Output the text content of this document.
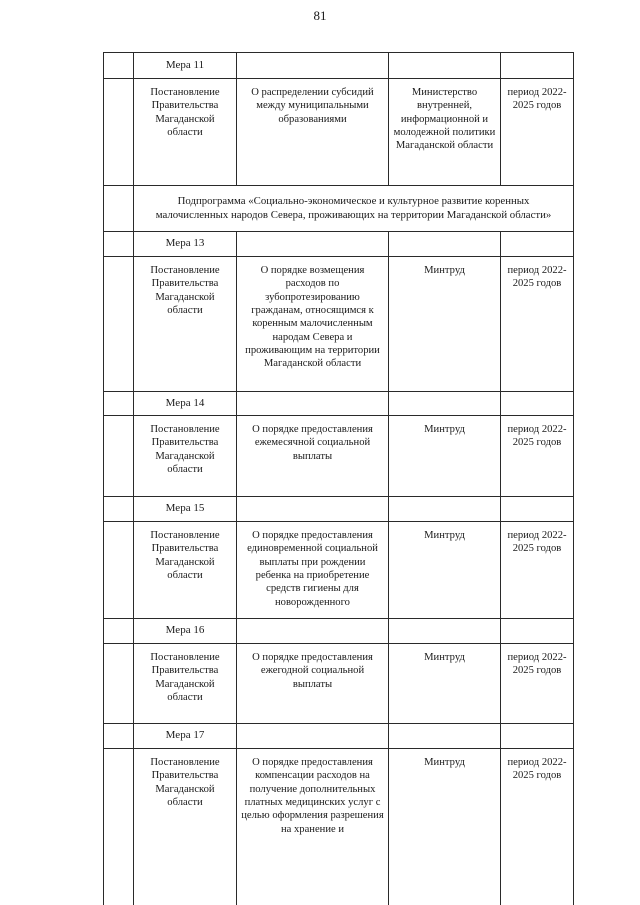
81
	Мера 11			
	Постановление Правительства Магаданской области	О распределении субсидий между муниципальными образованиями	Министерство внутренней, информационной и молодежной политики Магаданской области	период 2022-2025 годов
	Подпрограмма «Социально-экономическое и культурное развитие коренных малочисленных народов Севера, проживающих на территории Магаданской области»			
	Мера 13			
	Постановление Правительства Магаданской области	О порядке возмещения расходов по зубопротезированию гражданам, относящимся к коренным малочисленным народам Севера и проживающим на территории Магаданской области	Минтруд	период 2022-2025 годов
	Мера 14			
	Постановление Правительства Магаданской области	О порядке предоставления ежемесячной социальной выплаты	Минтруд	период 2022-2025 годов
	Мера 15			
	Постановление Правительства Магаданской области	О порядке предоставления единовременной социальной выплаты при рождении ребенка на приобретение средств гигиены для новорожденного	Минтруд	период 2022-2025 годов
	Мера 16			
	Постановление Правительства Магаданской области	О порядке предоставления ежегодной социальной выплаты	Минтруд	период 2022-2025 годов
	Мера 17			
	Постановление Правительства Магаданской области	О порядке предоставления компенсации расходов на получение дополнительных платных медицинских услуг с целью оформления разрешения на хранение и	Минтруд	период 2022-2025 годов
